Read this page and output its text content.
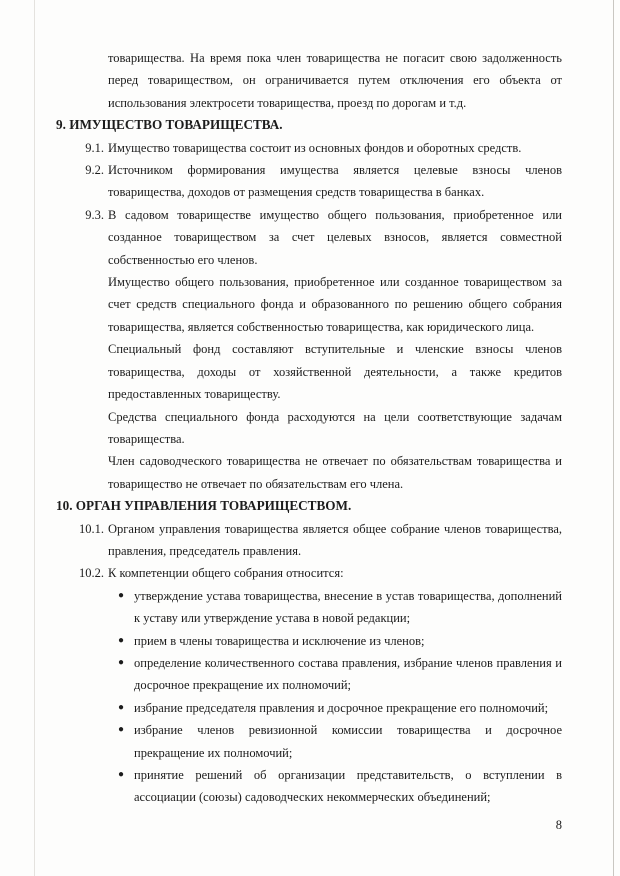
товарищества. На время пока член товарищества не погасит свою задолженность перед товариществом, он ограничивается путем отключения его объекта от использования электросети товарищества, проезд по дорогам и т.д.

9. ИМУЩЕСТВО ТОВАРИЩЕСТВА.

9.1. Имущество товарищества состоит из основных фондов и оборотных средств.
9.2. Источником формирования имущества является целевые взносы членов товарищества, доходов от размещения средств товарищества в банках.
9.3. В садовом товариществе имущество общего пользования, приобретенное или созданное товариществом за счет целевых взносов, является совместной собственностью его членов.

Имущество общего пользования, приобретенное или созданное товариществом за счет средств специального фонда и образованного по решению общего собрания товарищества, является собственностью товарищества, как юридического лица.

Специальный фонд составляют вступительные и членские взносы членов товарищества, доходы от хозяйственной деятельности, а также кредитов предоставленных товариществу.

Средства специального фонда расходуются на цели соответствующие задачам товарищества.

Член садоводческого товарищества не отвечает по обязательствам товарищества и товарищество не отвечает по обязательствам его члена.

10. ОРГАН УПРАВЛЕНИЯ ТОВАРИЩЕСТВОМ.

10.1. Органом управления товарищества является общее собрание членов товарищества, правления, председатель правления.
10.2. К компетенции общего собрания относится:
● утверждение устава товарищества, внесение в устав товарищества, дополнений к уставу или утверждение устава в новой редакции;
● прием в члены товарищества и исключение из членов;
● определение количественного состава правления, избрание членов правления и досрочное прекращение их полномочий;
● избрание председателя правления и досрочное прекращение его полномочий;
● избрание членов ревизионной комиссии товарищества и досрочное прекращение их полномочий;
● принятие решений об организации представительств, о вступлении в ассоциации (союзы) садоводческих некоммерческих объединений;
8
